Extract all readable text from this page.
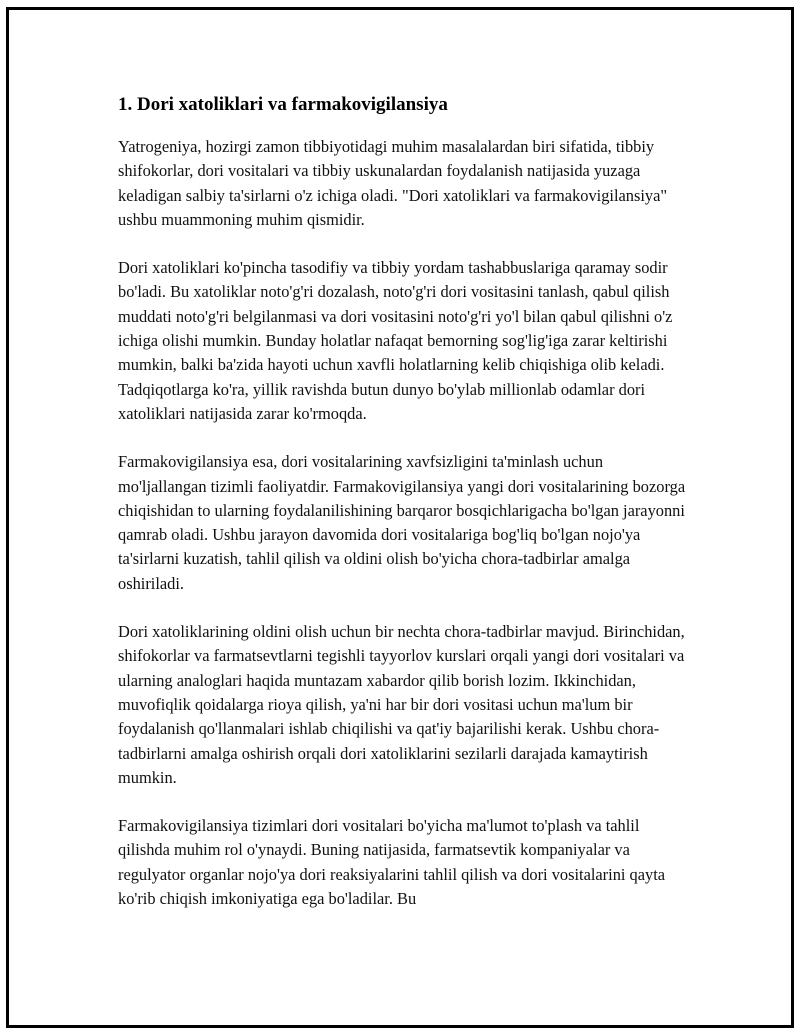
1. Dori xatoliklari va farmakovigilansiya

Yatrogeniya, hozirgi zamon tibbiyotidagi muhim masalalardan biri sifatida, tibbiy shifokorlar, dori vositalari va tibbiy uskunalardan foydalanish natijasida yuzaga keladigan salbiy ta'sirlarni o'z ichiga oladi. "Dori xatoliklari va farmakovigilansiya" ushbu muammoning muhim qismidir.

Dori xatoliklari ko'pincha tasodifiy va tibbiy yordam tashabbuslariga qaramay sodir bo'ladi. Bu xatoliklar noto'g'ri dozalash, noto'g'ri dori vositasini tanlash, qabul qilish muddati noto'g'ri belgilanmasi va dori vositasini noto'g'ri yo'l bilan qabul qilishni o'z ichiga olishi mumkin. Bunday holatlar nafaqat bemorning sog'lig'iga zarar keltirishi mumkin, balki ba'zida hayoti uchun xavfli holatlarning kelib chiqishiga olib keladi. Tadqiqotlarga ko'ra, yillik ravishda butun dunyo bo'ylab millionlab odamlar dori xatoliklari natijasida zarar ko'rmoqda.

Farmakovigilansiya esa, dori vositalarining xavfsizligini ta'minlash uchun mo'ljallangan tizimli faoliyatdir. Farmakovigilansiya yangi dori vositalarining bozorga chiqishidan to ularning foydalanilishining barqaror bosqichlarigacha bo'lgan jarayonni qamrab oladi. Ushbu jarayon davomida dori vositalariga bog'liq bo'lgan nojo'ya ta'sirlarni kuzatish, tahlil qilish va oldini olish bo'yicha chora-tadbirlar amalga oshiriladi.

Dori xatoliklarining oldini olish uchun bir nechta chora-tadbirlar mavjud. Birinchidan, shifokorlar va farmatsevtlarni tegishli tayyorlov kurslari orqali yangi dori vositalari va ularning analoglari haqida muntazam xabardor qilib borish lozim. Ikkinchidan, muvofiqlik qoidalarga rioya qilish, ya'ni har bir dori vositasi uchun ma'lum bir foydalanish qo'llanmalari ishlab chiqilishi va qat'iy bajarilishi kerak. Ushbu chora-tadbirlarni amalga oshirish orqali dori xatoliklarini sezilarli darajada kamaytirish mumkin.

Farmakovigilansiya tizimlari dori vositalari bo'yicha ma'lumot to'plash va tahlil qilishda muhim rol o'ynaydi. Buning natijasida, farmatsevtik kompaniyalar va regulyator organlar nojo'ya dori reaksiyalarini tahlil qilish va dori vositalarini qayta ko'rib chiqish imkoniyatiga ega bo'ladilar. Bu
